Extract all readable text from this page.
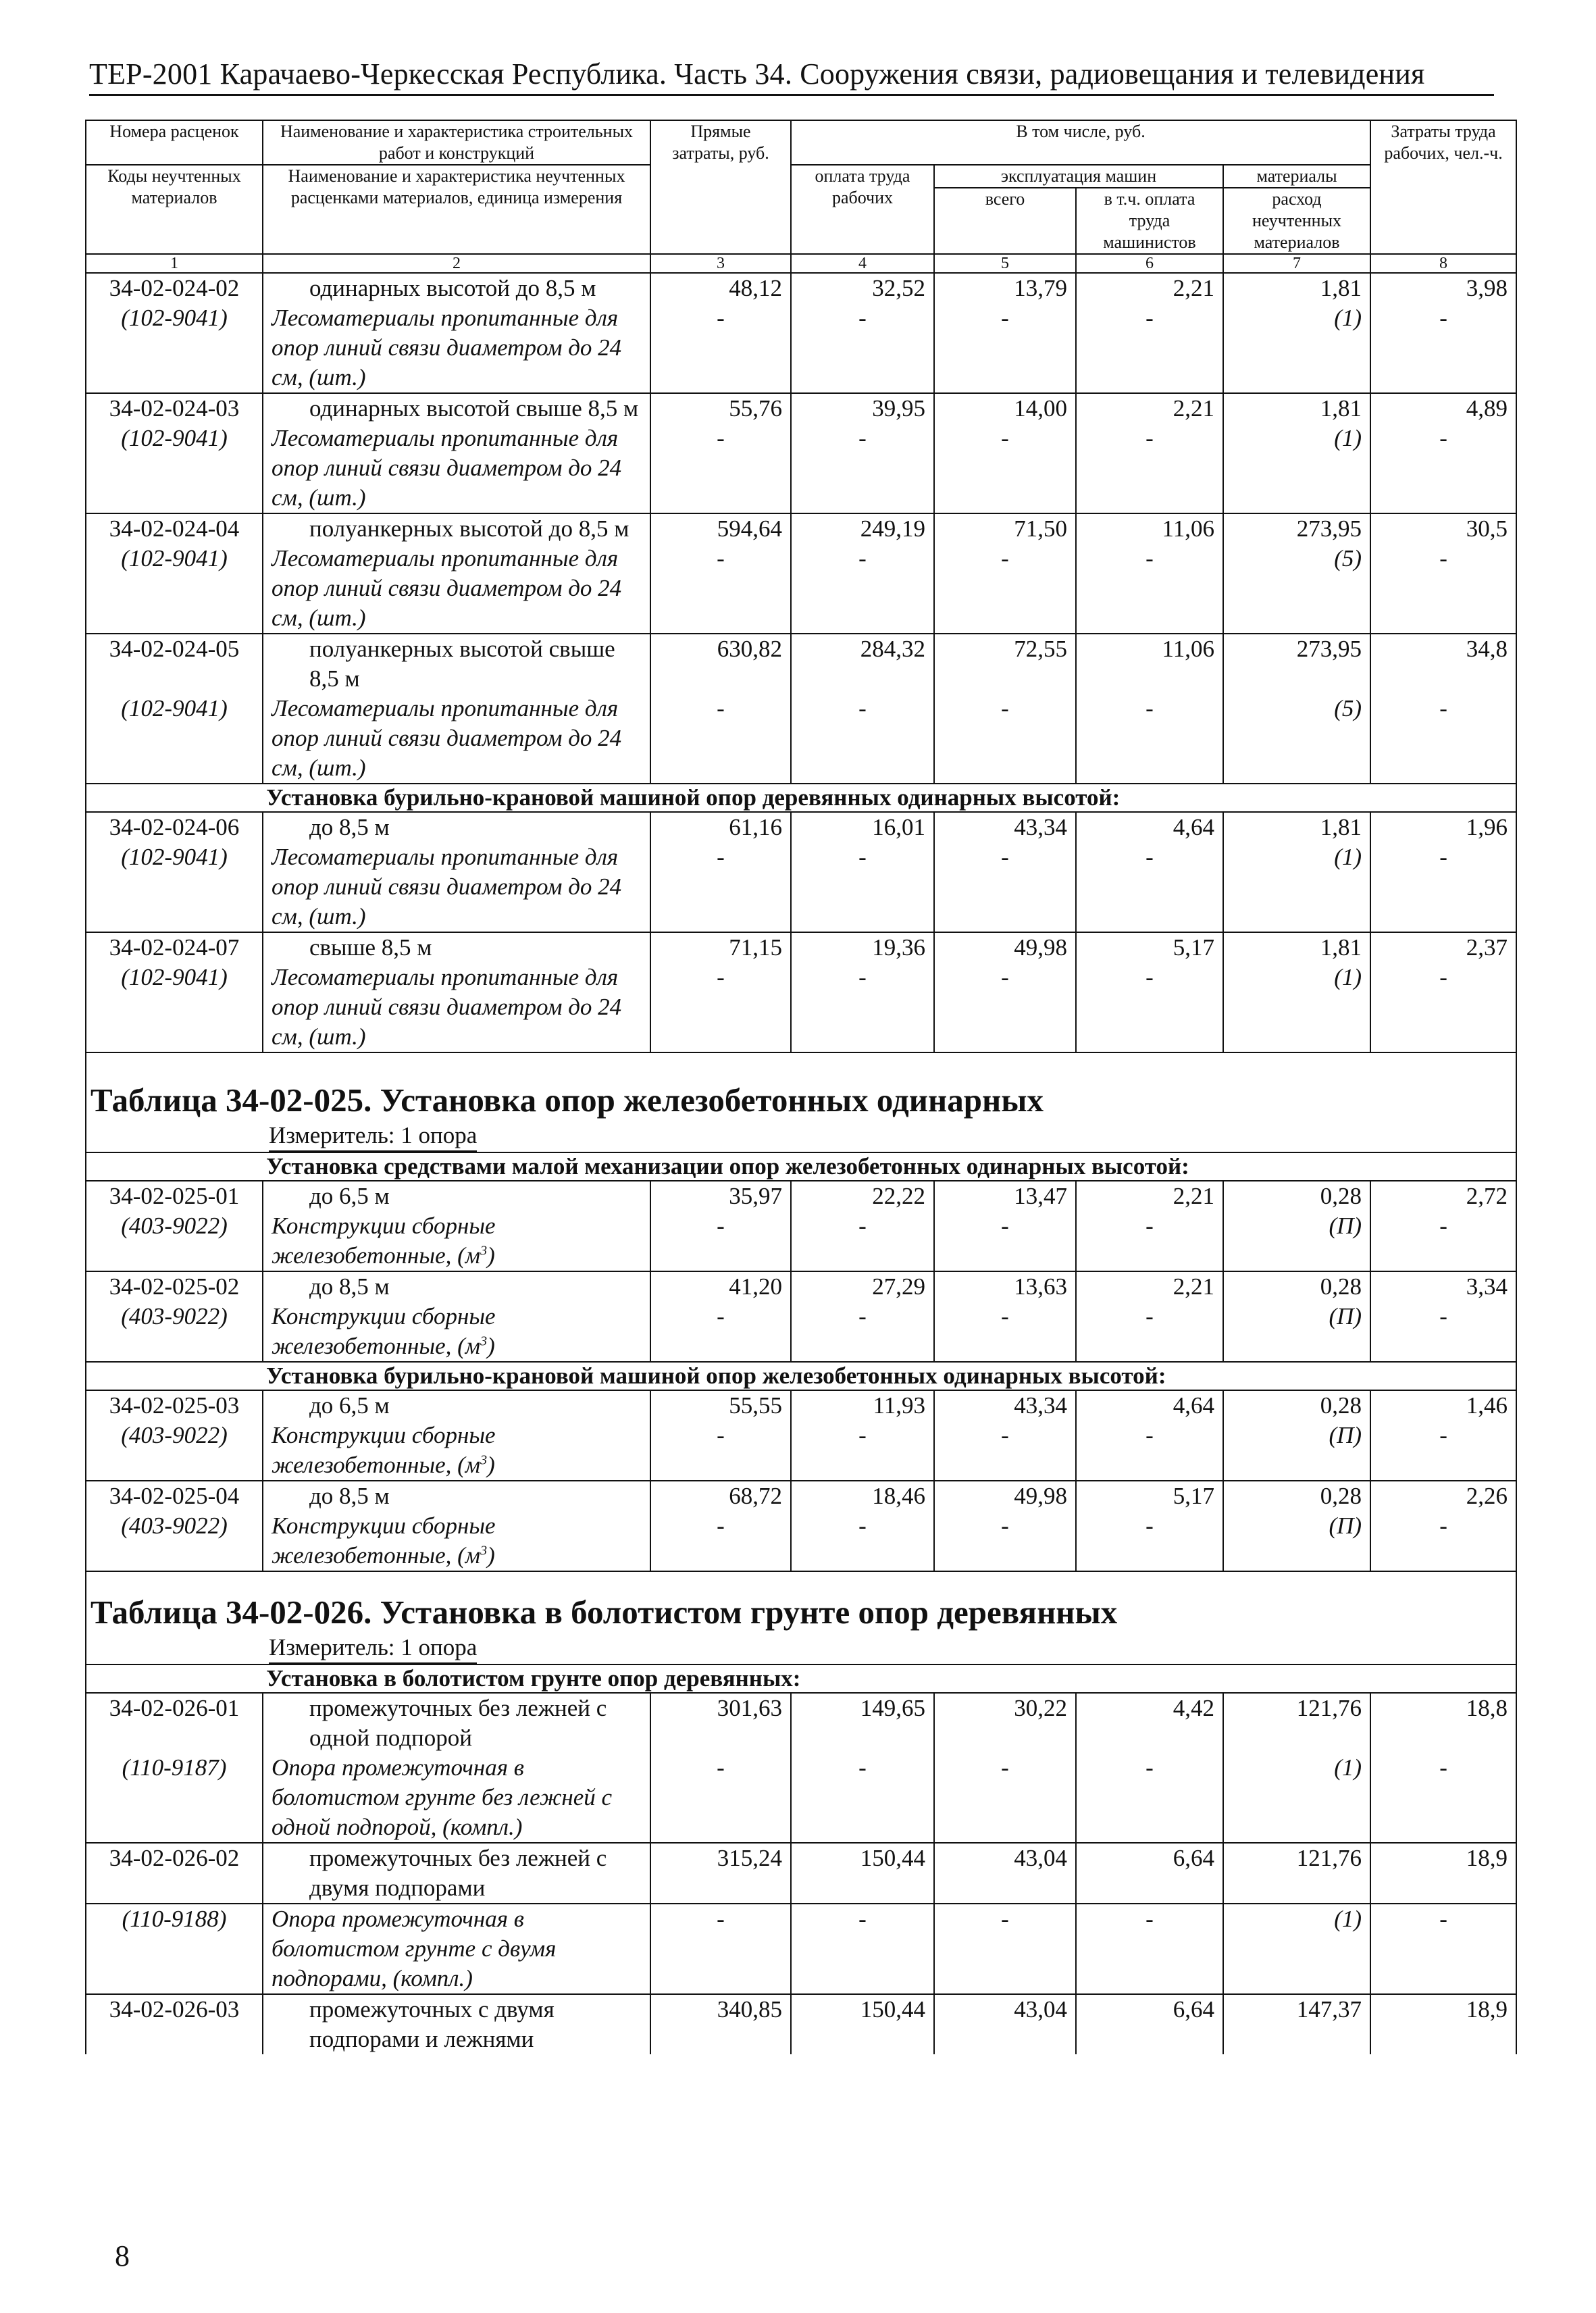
ТЕР-2001 Карачаево-Черкесская Республика. Часть 34. Сооружения связи, радиовещания и телевидения
Номера расценок	Наименование и характеристика строительных работ и конструкций	Прямые затраты, руб.	В том числе, руб.				Затраты труда рабочих, чел.-ч.
Коды неучтенных материалов	Наименование и характеристика неучтенных расценками материалов, единица измерения		оплата труда рабочих	эксплуатация машин		материалы	
				всего	в т.ч. оплата труда машинистов	расход неучтенных материалов	
1	2	3	4	5	6	7	8
34-02-024-02	одинарных высотой до 8,5 м	48,12	32,52	13,79	2,21	1,81	3,98
(102-9041)	Лесоматериалы пропитанные для опор линий связи диаметром до 24 см, (шт.)	-	-	-	-	(1)	-
34-02-024-03	одинарных высотой свыше 8,5 м	55,76	39,95	14,00	2,21	1,81	4,89
(102-9041)	Лесоматериалы пропитанные для опор линий связи диаметром до 24 см, (шт.)	-	-	-	-	(1)	-
34-02-024-04	полуанкерных высотой до 8,5 м	594,64	249,19	71,50	11,06	273,95	30,5
(102-9041)	Лесоматериалы пропитанные для опор линий связи диаметром до 24 см, (шт.)	-	-	-	-	(5)	-
34-02-024-05	полуанкерных высотой свыше 8,5 м	630,82	284,32	72,55	11,06	273,95	34,8
(102-9041)	Лесоматериалы пропитанные для опор линий связи диаметром до 24 см, (шт.)	-	-	-	-	(5)	-
Установка бурильно-крановой машиной опор деревянных одинарных высотой:							
34-02-024-06	до 8,5 м	61,16	16,01	43,34	4,64	1,81	1,96
(102-9041)	Лесоматериалы пропитанные для опор линий связи диаметром до 24 см, (шт.)	-	-	-	-	(1)	-
34-02-024-07	свыше 8,5 м	71,15	19,36	49,98	5,17	1,81	2,37
(102-9041)	Лесоматериалы пропитанные для опор линий связи диаметром до 24 см, (шт.)	-	-	-	-	(1)	-
Таблица 34-02-025. Установка опор железобетонных одинарных							
Измеритель: 1 опора							
Установка средствами малой механизации опор железобетонных одинарных высотой:							
34-02-025-01	до 6,5 м	35,97	22,22	13,47	2,21	0,28	2,72
(403-9022)	Конструкции сборные железобетонные, $(м^3)$	-	-	-	-	(П)	-
34-02-025-02	до 8,5 м	41,20	27,29	13,63	2,21	0,28	3,34
(403-9022)	Конструкции сборные железобетонные, $(м^3)$	-	-	-	-	(П)	-
Установка бурильно-крановой машиной опор железобетонных одинарных высотой:							
34-02-025-03	до 6,5 м	55,55	11,93	43,34	4,64	0,28	1,46
(403-9022)	Конструкции сборные железобетонные, $(м^3)$	-	-	-	-	(П)	-
34-02-025-04	до 8,5 м	68,72	18,46	49,98	5,17	0,28	2,26
(403-9022)	Конструкции сборные железобетонные, $(м^3)$	-	-	-	-	(П)	-
Таблица 34-02-026. Установка в болотистом грунте опор деревянных							
Измеритель: 1 опора							
Установка в болотистом грунте опор деревянных:							
34-02-026-01	промежуточных без лежней с одной подпорой	301,63	149,65	30,22	4,42	121,76	18,8
(110-9187)	Опора промежуточная в болотистом грунте без лежней с одной подпорой, (компл.)	-	-	-	-	(1)	-
34-02-026-02	промежуточных без лежней с двумя подпорами	315,24	150,44	43,04	6,64	121,76	18,9
(110-9188)	Опора промежуточная в болотистом грунте с двумя подпорами, (компл.)	-	-	-	-	(1)	-
34-02-026-03	промежуточных с двумя подпорами и лежнями	340,85	150,44	43,04	6,64	147,37	18,9
8
